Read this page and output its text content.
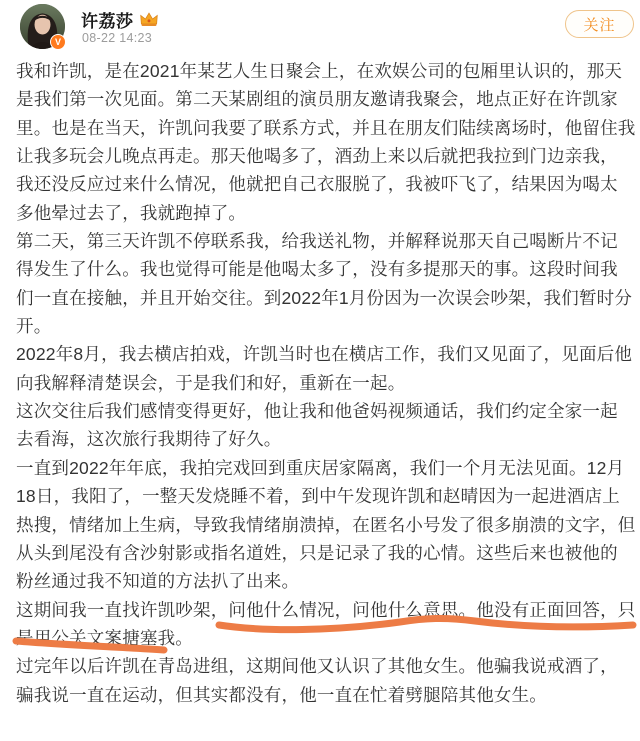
V
许荔莎
08-22 14:23
关注
我和许凯，是在2021年某艺人生日聚会上，在欢娱公司的包厢里认识的，那天
是我们第一次见面。第二天某剧组的演员朋友邀请我聚会，地点正好在许凯家
里。也是在当天，许凯问我要了联系方式，并且在朋友们陆续离场时，他留住我
让我多玩会儿晚点再走。那天他喝多了，酒劲上来以后就把我拉到门边亲我，
我还没反应过来什么情况，他就把自己衣服脱了，我被吓飞了，结果因为喝太
多他晕过去了，我就跑掉了。
第二天，第三天许凯不停联系我，给我送礼物，并解释说那天自己喝断片不记
得发生了什么。我也觉得可能是他喝太多了，没有多提那天的事。这段时间我
们一直在接触，并且开始交往。到2022年1月份因为一次误会吵架，我们暂时分
开。
2022年8月，我去横店拍戏，许凯当时也在横店工作，我们又见面了，见面后他
向我解释清楚误会，于是我们和好，重新在一起。
这次交往后我们感情变得更好，他让我和他爸妈视频通话，我们约定全家一起
去看海，这次旅行我期待了好久。
一直到2022年年底，我拍完戏回到重庆居家隔离，我们一个月无法见面。12月
18日，我阳了，一整天发烧睡不着，到中午发现许凯和赵晴因为一起进酒店上
热搜，情绪加上生病，导致我情绪崩溃掉，在匿名小号发了很多崩溃的文字，但
从头到尾没有含沙射影或指名道姓，只是记录了我的心情。这些后来也被他的
粉丝通过我不知道的方法扒了出来。
这期间我一直找许凯吵架，问他什么情况，问他什么意思。他没有正面回答，只
是用公关文案搪塞我。
过完年以后许凯在青岛进组，这期间他又认识了其他女生。他骗我说戒酒了，
骗我说一直在运动，但其实都没有，他一直在忙着劈腿陪其他女生。
